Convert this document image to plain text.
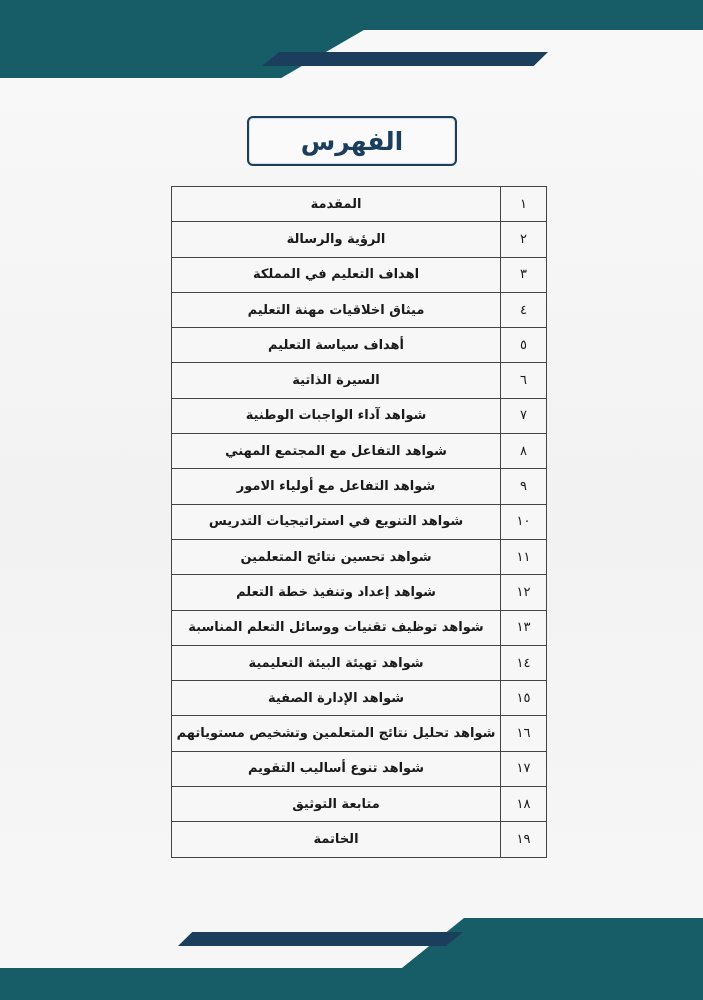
الفهرس
١	المقدمة
٢	الرؤية والرسالة
٣	اهداف التعليم في المملكة
٤	ميثاق اخلاقيات مهنة التعليم
٥	أهداف سياسة التعليم
٦	السيرة الذاتية
٧	شواهد آداء الواجبات الوطنية
٨	شواهد التفاعل مع المجتمع المهني
٩	شواهد التفاعل مع أولياء الامور
١٠	شواهد التنويع في استراتيجيات التدريس
١١	شواهد تحسين نتائج المتعلمين
١٢	شواهد إعداد وتنفيذ خطة التعلم
١٣	شواهد توظيف تقنيات ووسائل التعلم المناسبة
١٤	شواهد تهيئة البيئة التعليمية
١٥	شواهد الإدارة الصفية
١٦	شواهد تحليل نتائج المتعلمين وتشخيص مستوياتهم
١٧	شواهد تنوع أساليب التقويم
١٨	متابعة التوثيق
١٩	الخاتمة
